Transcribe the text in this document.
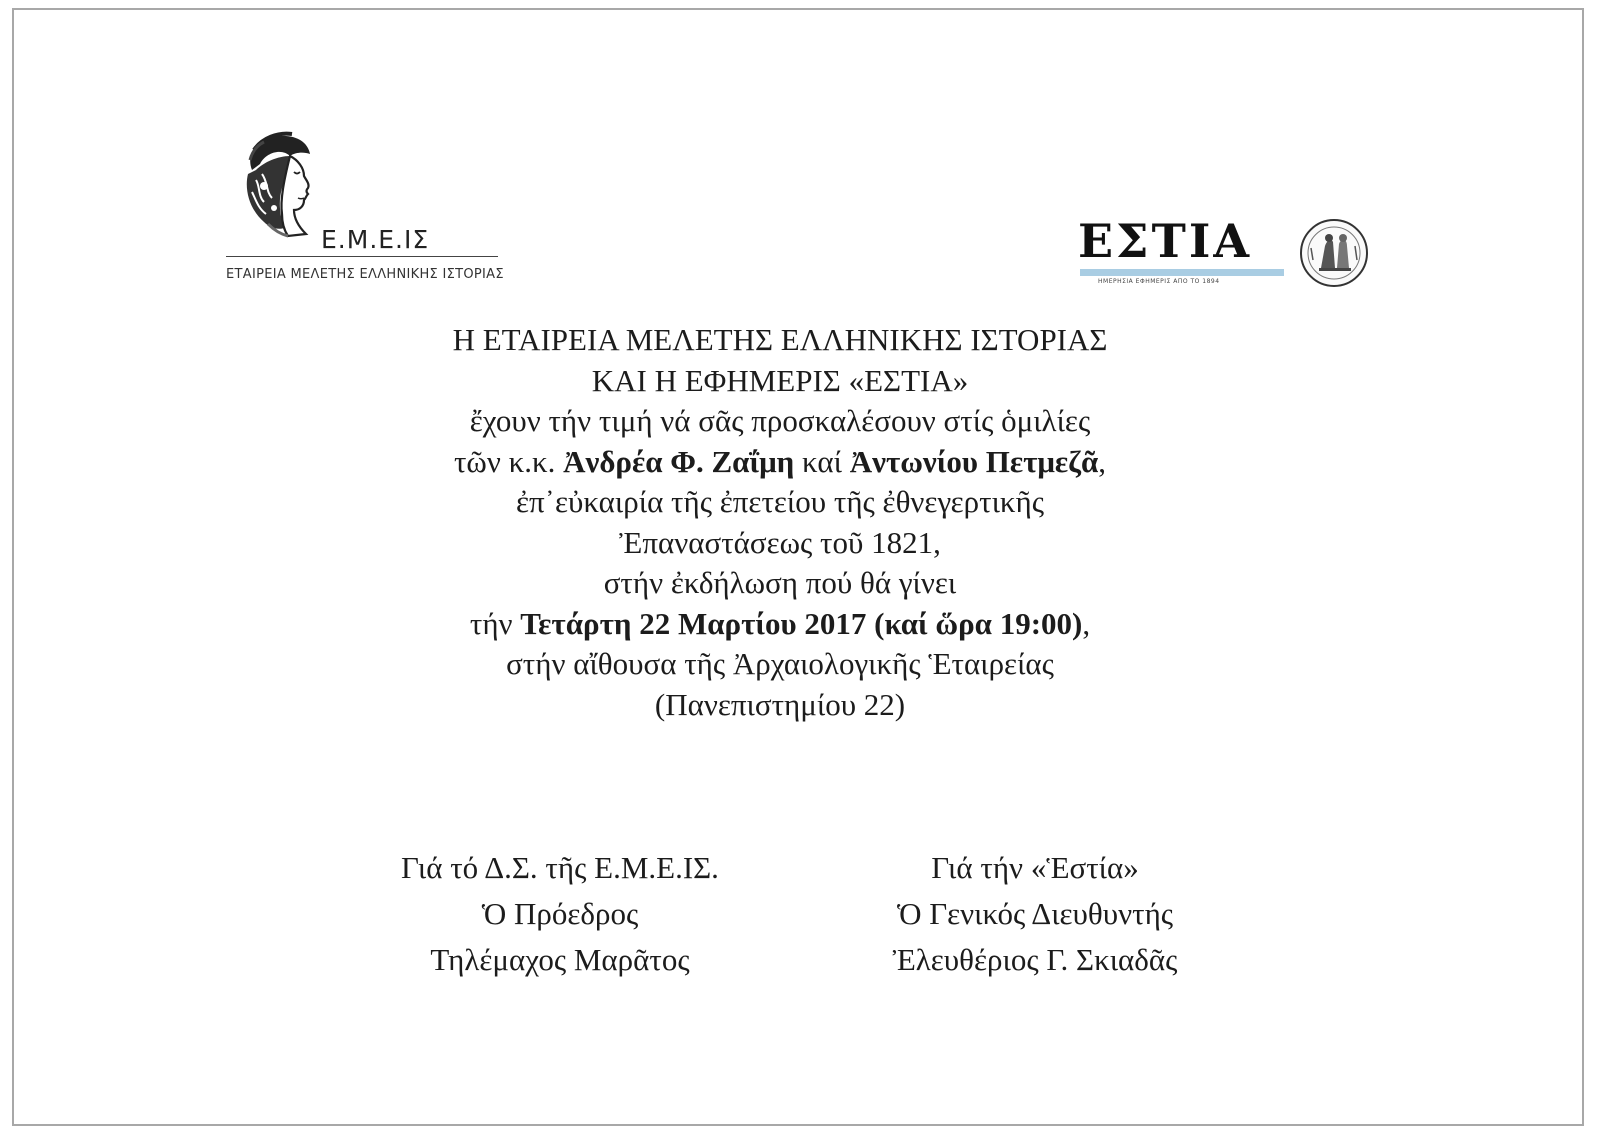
Ε.Μ.Ε.ΙΣ
ΕΤΑΙΡΕΙΑ ΜΕΛΕΤΗΣ ΕΛΛΗΝΙΚΗΣ ΙΣΤΟΡΙΑΣ
ΕΣΤΙΑ
ΗΜΕΡΗΣΙΑ ΕΦΗΜΕΡΙΣ ΑΠΟ ΤΟ 1894
Η ΕΤΑΙΡΕΙΑ ΜΕΛΕΤΗΣ ΕΛΛΗΝΙΚΗΣ ΙΣΤΟΡΙΑΣ
ΚΑΙ Η ΕΦΗΜΕΡΙΣ «ΕΣΤΙΑ»
ἔχουν τήν τιμή νά σᾶς προσκαλέσουν στίς ὁμιλίες
τῶν κ.κ. Ἀνδρέα Φ. Ζαΐμη καί Ἀντωνίου Πετμεζᾶ,
ἐπ᾽εὐκαιρία τῆς ἐπετείου τῆς ἐθνεγερτικῆς
Ἐπαναστάσεως τοῦ 1821,
στήν ἐκδήλωση πού θά γίνει
τήν Τετάρτη 22 Μαρτίου 2017 (καί ὥρα 19:00),
στήν αἴθουσα τῆς Ἀρχαιολογικῆς Ἑταιρείας
(Πανεπιστημίου 22)
Γιά τό Δ.Σ. τῆς Ε.Μ.Ε.ΙΣ.
Ὁ Πρόεδρος
Τηλέμαχος Μαρᾶτος
Γιά τήν «Ἑστία»
Ὁ Γενικός Διευθυντής
Ἐλευθέριος Γ. Σκιαδᾶς
